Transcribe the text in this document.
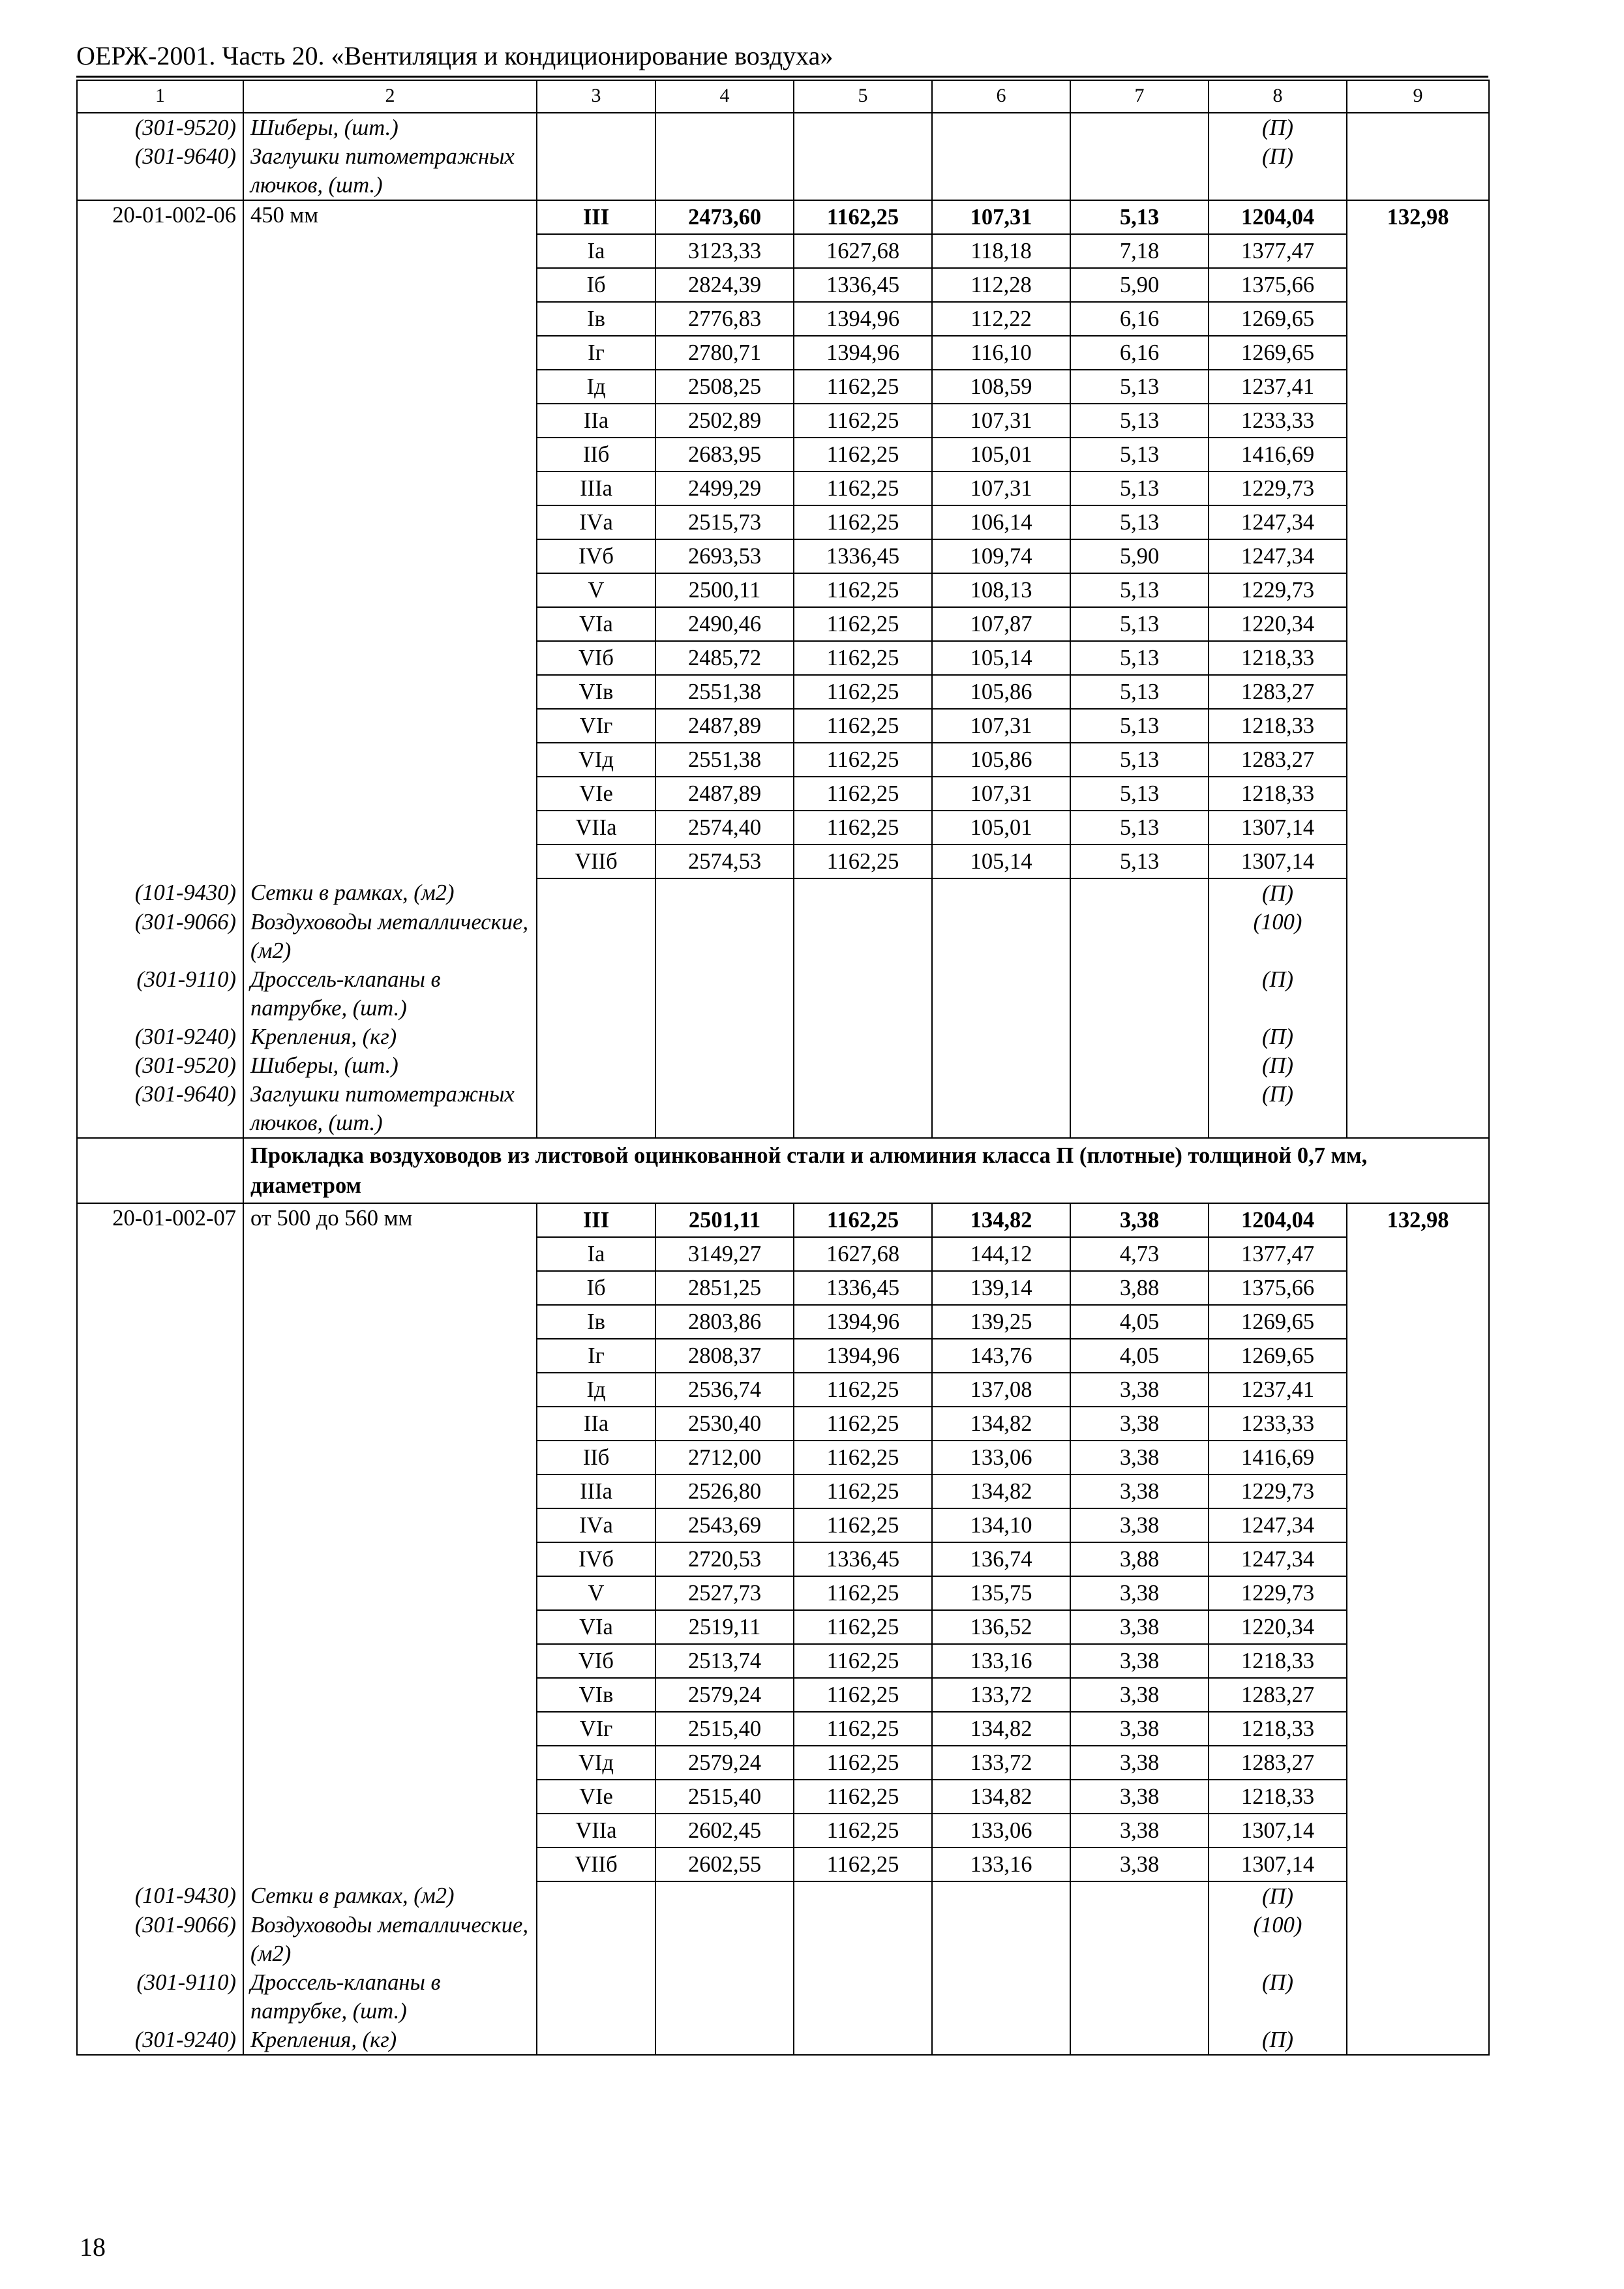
ОЕРЖ-2001. Часть 20. «Вентиляция и кондиционирование воздуха»
1	2	3	4	5	6	7	8	9
(301-9520)	Шиберы, (шт.)						(П)	
(301-9640)	Заглушки питометражных лючков, (шт.)						(П)	
20-01-002-06	450 мм	III	2473,60	1162,25	107,31	5,13	1204,04	132,98
		Iа	3123,33	1627,68	118,18	7,18	1377,47	
		Iб	2824,39	1336,45	112,28	5,90	1375,66	
		Iв	2776,83	1394,96	112,22	6,16	1269,65	
		Iг	2780,71	1394,96	116,10	6,16	1269,65	
		Iд	2508,25	1162,25	108,59	5,13	1237,41	
		IIа	2502,89	1162,25	107,31	5,13	1233,33	
		IIб	2683,95	1162,25	105,01	5,13	1416,69	
		IIIа	2499,29	1162,25	107,31	5,13	1229,73	
		IVа	2515,73	1162,25	106,14	5,13	1247,34	
		IVб	2693,53	1336,45	109,74	5,90	1247,34	
		V	2500,11	1162,25	108,13	5,13	1229,73	
		VIа	2490,46	1162,25	107,87	5,13	1220,34	
		VIб	2485,72	1162,25	105,14	5,13	1218,33	
		VIв	2551,38	1162,25	105,86	5,13	1283,27	
		VIг	2487,89	1162,25	107,31	5,13	1218,33	
		VIд	2551,38	1162,25	105,86	5,13	1283,27	
		VIе	2487,89	1162,25	107,31	5,13	1218,33	
		VIIа	2574,40	1162,25	105,01	5,13	1307,14	
		VIIб	2574,53	1162,25	105,14	5,13	1307,14	
(101-9430)	Сетки в рамках, (м2)						(П)	
(301-9066)	Воздуховоды металлические, (м2)						(100)	
(301-9110)	Дроссель-клапаны в патрубке, (шт.)						(П)	
(301-9240)	Крепления, (кг)						(П)	
(301-9520)	Шиберы, (шт.)						(П)	
(301-9640)	Заглушки питометражных лючков, (шт.)						(П)	
	Прокладка воздуховодов из листовой оцинкованной стали и алюминия класса П (плотные) толщиной 0,7 мм, диаметром							
20-01-002-07	от 500 до 560 мм	III	2501,11	1162,25	134,82	3,38	1204,04	132,98
		Iа	3149,27	1627,68	144,12	4,73	1377,47	
		Iб	2851,25	1336,45	139,14	3,88	1375,66	
		Iв	2803,86	1394,96	139,25	4,05	1269,65	
		Iг	2808,37	1394,96	143,76	4,05	1269,65	
		Iд	2536,74	1162,25	137,08	3,38	1237,41	
		IIа	2530,40	1162,25	134,82	3,38	1233,33	
		IIб	2712,00	1162,25	133,06	3,38	1416,69	
		IIIа	2526,80	1162,25	134,82	3,38	1229,73	
		IVа	2543,69	1162,25	134,10	3,38	1247,34	
		IVб	2720,53	1336,45	136,74	3,88	1247,34	
		V	2527,73	1162,25	135,75	3,38	1229,73	
		VIа	2519,11	1162,25	136,52	3,38	1220,34	
		VIб	2513,74	1162,25	133,16	3,38	1218,33	
		VIв	2579,24	1162,25	133,72	3,38	1283,27	
		VIг	2515,40	1162,25	134,82	3,38	1218,33	
		VIд	2579,24	1162,25	133,72	3,38	1283,27	
		VIе	2515,40	1162,25	134,82	3,38	1218,33	
		VIIа	2602,45	1162,25	133,06	3,38	1307,14	
		VIIб	2602,55	1162,25	133,16	3,38	1307,14	
(101-9430)	Сетки в рамках, (м2)						(П)	
(301-9066)	Воздуховоды металлические, (м2)						(100)	
(301-9110)	Дроссель-клапаны в патрубке, (шт.)						(П)	
(301-9240)	Крепления, (кг)						(П)	
18
